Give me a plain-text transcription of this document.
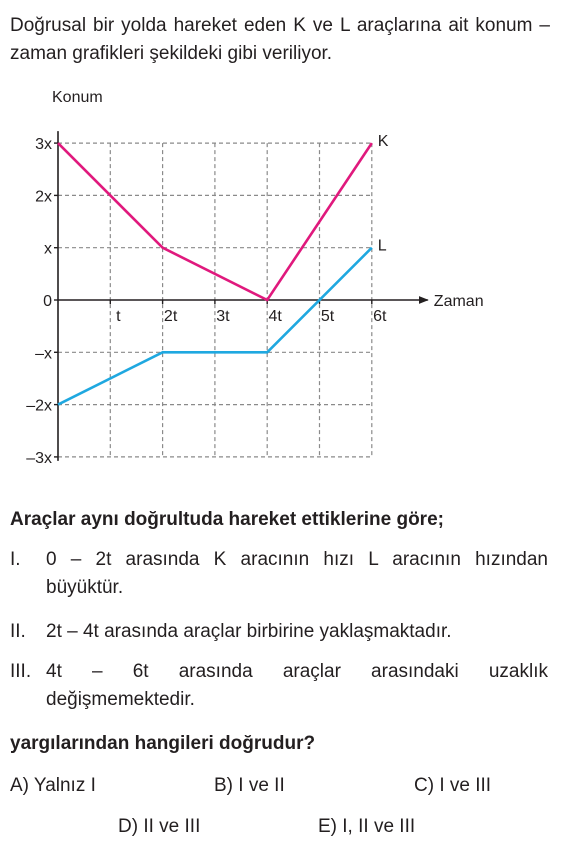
Doğrusal bir yolda hareket eden K ve L araçlarına ait konum – zaman grafikleri şekildeki gibi veriliyor.
3x
2x
x
0
–x
–2x
–3x
t	2t 3t 4t 5t 6t
Konum
Zaman
K
L
Araçlar aynı doğrultuda hareket ettiklerine göre;
I. 0 – 2t arasında K aracının hızı L aracının hızından büyüktür.
II. 2t – 4t arasında araçlar birbirine yaklaşmaktadır.
III. 4t – 6t arasında araçlar arasındaki uzaklık değişmemektedir.
yargılarından hangileri doğrudur?
A) Yalnız I	B) I ve II	C) I ve III
D) II ve III	E) I, II ve III
